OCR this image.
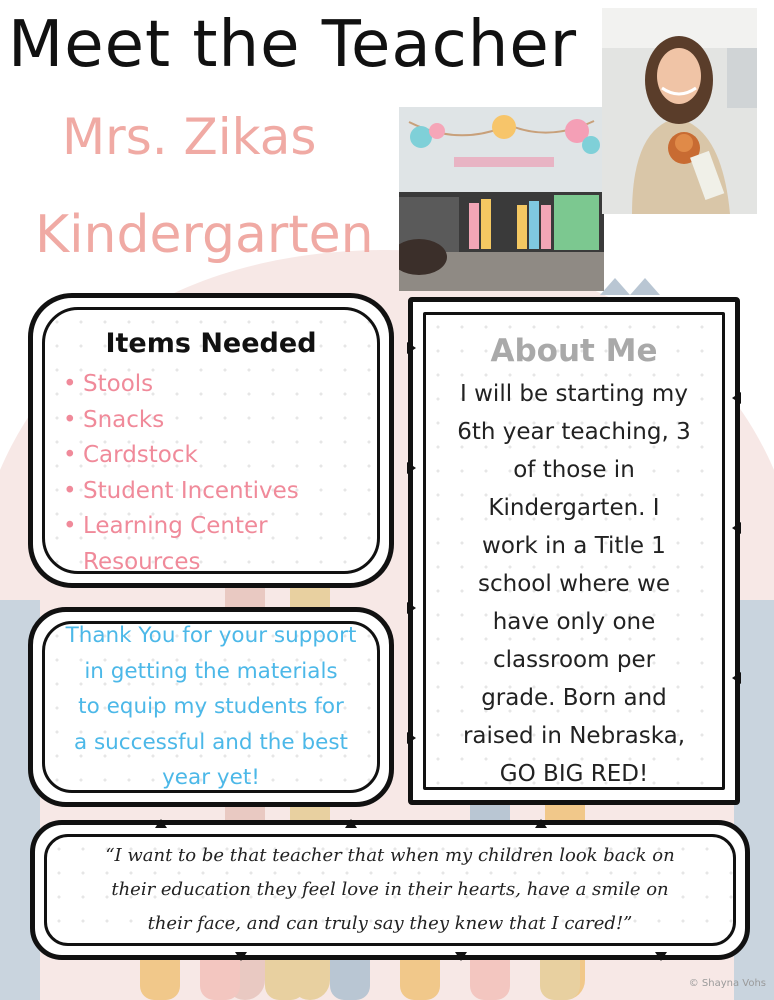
Meet the Teacher
Mrs. Zikas
Kindergarten
Items Needed
• Stools
• Snacks
• Cardstock
• Student Incentives
• Learning Center
Resources
Thank You for your support
in getting the materials
to equip my students for
a successful and the best
year yet!
About Me
I will be starting my
6th year teaching, 3
of those in
Kindergarten. I
work in a Title 1
school where we
have only one
classroom per
grade. Born and
raised in Nebraska,
GO BIG RED!
“I want to be that teacher that when my children look back on
their education they feel love in their hearts, have a smile on
their face, and can truly say they knew that I cared!”
© Shayna Vohs
